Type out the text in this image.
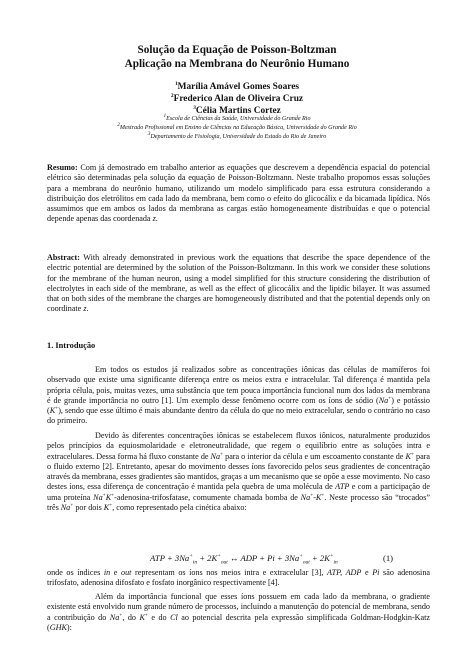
Solução da Equação de Poisson-Boltzman
Aplicação na Membrana do Neurônio Humano
$^1$Marília Amável Gomes Soares
$^2$Frederico Alan de Oliveira Cruz
$^3$Célia Martins Cortez
$^1$Escola de Ciências da Saúde, Universidade do Grande Rio
$^2$Mestrado Profissional em Ensino de Ciências na Educação Básica, Universidade do Grande Rio
$^3$Departamento de Fisiologia, Universidade do Estado do Rio de Janeiro

Resumo: Com já demostrado em trabalho anterior as equações que descrevem a dependência espacial do potencial elétrico são determinadas pela solução da equação de Poisson-Boltzmann. Neste trabalho propomos essas soluções para a membrana do neurônio humano, utilizando um modelo simplificado para essa estrutura considerando a distribuição dos eletrólitos em cada lado da membrana, bem como o efeito do glicocálix e da bicamada lipídica. Nós assumimos que em ambos os lados da membrana as cargas estão homogeneamente distribuídas e que o potencial depende apenas das coordenada z.

Abstract: With already demonstrated in previous work the equations that describe the space dependence of the electric potential are determined by the solution of the Poisson-Boltzmann. In this work we consider these solutions for the membrane of the human neuron, using a model simplified for this structure considering the distribution of electrolytes in each side of the membrane, as well as the effect of glicocálix and the lipidic bilayer. It was assumed that on both sides of the membrane the charges are homogeneously distributed and that the potential depends only on coordinate z.

1. Introdução

Em todos os estudos já realizados sobre as concentrações iônicas das células de mamíferos foi observado que existe uma significante diferença entre os meios extra e intracelular. Tal diferença é mantida pela própria célula, pois, muitas vezes, uma substância que tem pouca importância funcional num dos lados da membrana é de grande importância no outro [1]. Um exemplo desse fenômeno ocorre com os íons de sódio (Na+) e potássio (K+), sendo que esse último é mais abundante dentro da célula do que no meio extracelular, sendo o contrário no caso do primeiro.

Devido às diferentes concentrações iônicas se estabelecem fluxos iônicos, naturalmente produzidos pelos princípios da equiosmolaridade e eletroneutralidade, que regem o equilíbrio entre as soluções intra e extracelulares. Dessa forma há fluxo constante de Na+ para o interior da célula e um escoamento constante de K+ para o fluido externo [2]. Entretanto, apesar do movimento desses íons favorecido pelos seus gradientes de concentração através da membrana, esses gradientes são mantidos, graças a um mecanismo que se opõe a esse movimento. No caso destes íons, essa diferença de concentração é mantida pela quebra de uma molécula de ATP e com a participação de uma proteína Na+K+-adenosina-trifosfatase, comumente chamada bomba de Na+-K+. Neste processo são “trocados” três Na+ por dois K+, como representado pela cinética abaixo:

ATP + $3Na^+_{in} + 2K^+_{out}$ ↔ ADP + $Pi + 3Na^+_{out} + 2K^+_{in}$	(1)

onde os índices in e out representam os íons nos meios intra e extracelular [3], ATP, ADP e Pi são adenosina trifosfato, adenosina difosfato e fosfato inorgânico respectivamente [4].

Além da importância funcional que esses íons possuem em cada lado da membrana, o gradiente existente está envolvido num grande número de processos, incluindo a manutenção do potencial de membrana, sendo a contribuição do Na+, do K+ e do Cl ao potencial descrita pela expressão simplificada Goldman-Hodgkin-Katz (GHK):
